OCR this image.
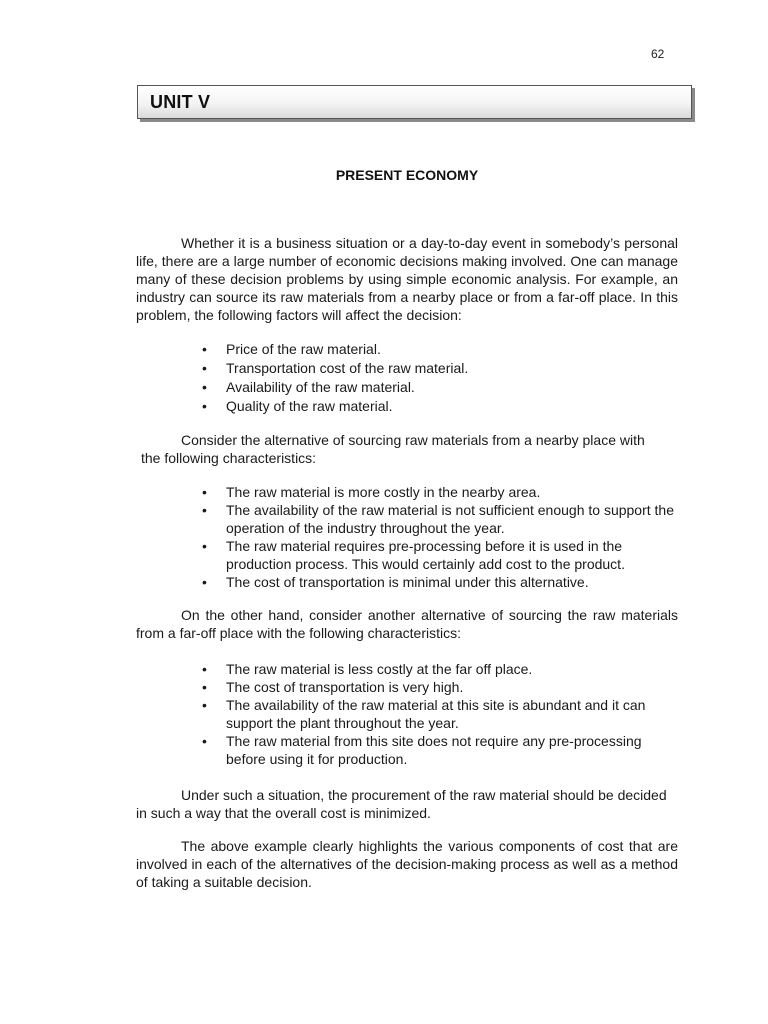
62
UNIT V
PRESENT ECONOMY

Whether it is a business situation or a day-to-day event in somebody’s personal life, there are a large number of economic decisions making involved. One can manage many of these decision problems by using simple economic analysis. For example, an industry can source its raw materials from a nearby place or from a far-off place. In this problem, the following factors will affect the decision:

• Price of the raw material.
• Transportation cost of the raw material.
• Availability of the raw material.
• Quality of the raw material.

Consider the alternative of sourcing raw materials from a nearby place with
the following characteristics:

• The raw material is more costly in the nearby area.
• The availability of the raw material is not sufficient enough to support the operation of the industry throughout the year.
• The raw material requires pre-processing before it is used in the production process. This would certainly add cost to the product.
• The cost of transportation is minimal under this alternative.

On the other hand, consider another alternative of sourcing the raw materials from a far-off place with the following characteristics:

• The raw material is less costly at the far off place.
• The cost of transportation is very high.
• The availability of the raw material at this site is abundant and it can support the plant throughout the year.
• The raw material from this site does not require any pre-processing before using it for production.

Under such a situation, the procurement of the raw material should be decided in such a way that the overall cost is minimized.

The above example clearly highlights the various components of cost that are involved in each of the alternatives of the decision-making process as well as a method of taking a suitable decision.
